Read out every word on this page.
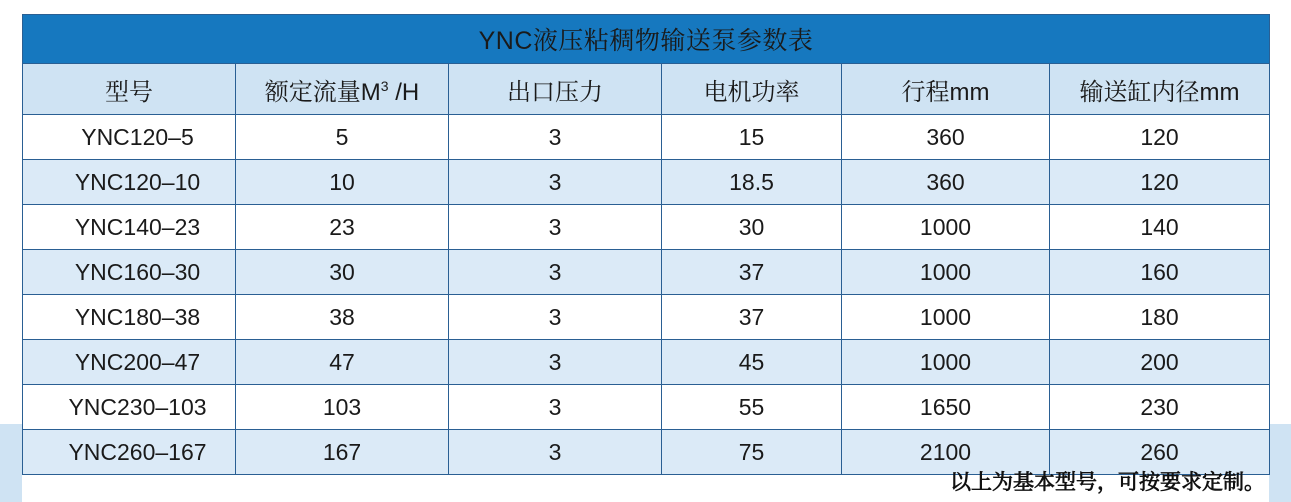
YNC液压粘稠物输送泵参数表					
型号	额定流量$M^3$ /H	出口压力	电机功率	行程mm	输送缸内径mm
YNC120–5	5	3	15	360	120
YNC120–10	10	3	18.5	360	120
YNC140–23	23	3	30	1000	140
YNC160–30	30	3	37	1000	160
YNC180–38	38	3	37	1000	180
YNC200–47	47	3	45	1000	200
YNC230–103	103	3	55	1650	230
YNC260–167	167	3	75	2100	260
以上为基本型号，可按要求定制。
